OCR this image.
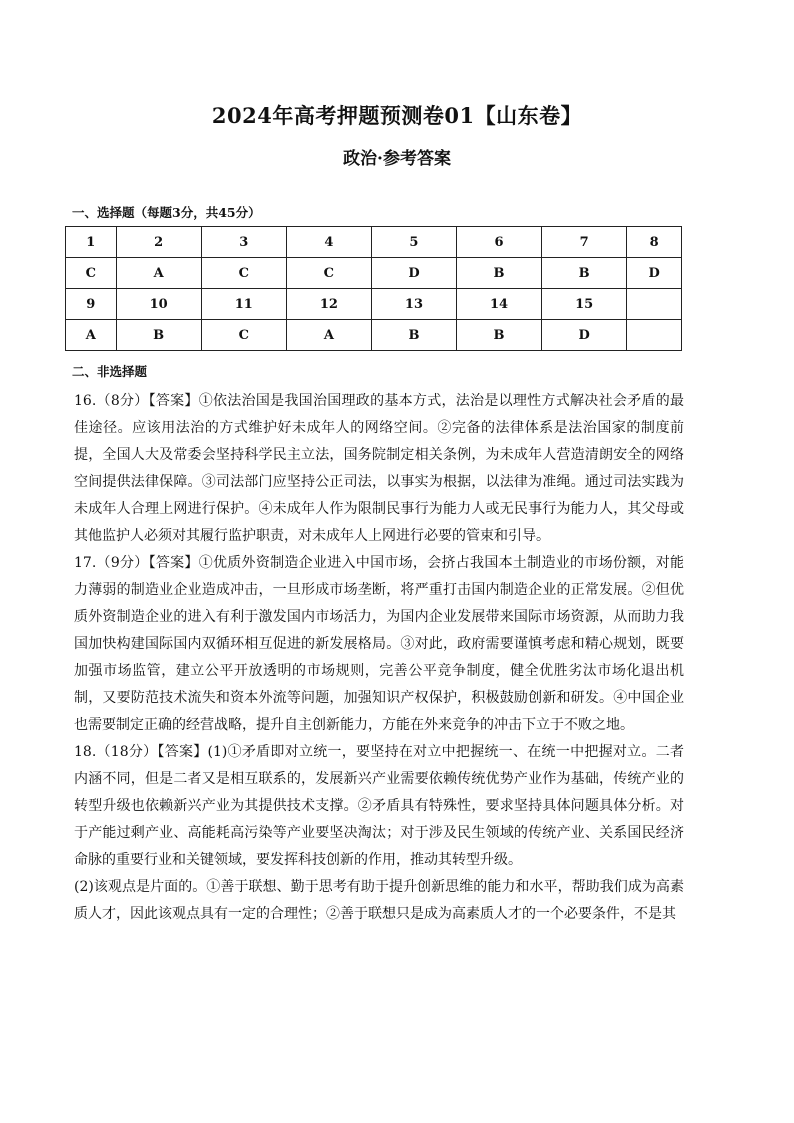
2024年高考押题预测卷01【山东卷】
政治·参考答案
一、选择题（每题3分，共45分）
1	2	3	4	5	6	7	8
C	A	C	C	D	B	B	D
9	10	11	12	13	14	15	
A	B	C	A	B	B	D	
二、非选择题

16.（8分）【答案】①依法治国是我国治国理政的基本方式，法治是以理性方式解决社会矛盾的最佳途径。应该用法治的方式维护好未成年人的网络空间。②完备的法律体系是法治国家的制度前提，全国人大及常委会坚持科学民主立法，国务院制定相关条例，为未成年人营造清朗安全的网络空间提供法律保障。③司法部门应坚持公正司法，以事实为根据，以法律为准绳。通过司法实践为未成年人合理上网进行保护。④未成年人作为限制民事行为能力人或无民事行为能力人，其父母或其他监护人必须对其履行监护职责，对未成年人上网进行必要的管束和引导。

17.（9分）【答案】①优质外资制造企业进入中国市场，会挤占我国本土制造业的市场份额，对能力薄弱的制造业企业造成冲击，一旦形成市场垄断，将严重打击国内制造企业的正常发展。②但优质外资制造企业的进入有利于激发国内市场活力，为国内企业发展带来国际市场资源，从而助力我国加快构建国际国内双循环相互促进的新发展格局。③对此，政府需要谨慎考虑和精心规划，既要加强市场监管，建立公平开放透明的市场规则，完善公平竞争制度，健全优胜劣汰市场化退出机制，又要防范技术流失和资本外流等问题，加强知识产权保护，积极鼓励创新和研发。④中国企业也需要制定正确的经营战略，提升自主创新能力，方能在外来竞争的冲击下立于不败之地。

18.（18分）【答案】(1)①矛盾即对立统一，要坚持在对立中把握统一、在统一中把握对立。二者内涵不同，但是二者又是相互联系的，发展新兴产业需要依赖传统优势产业作为基础，传统产业的转型升级也依赖新兴产业为其提供技术支撑。②矛盾具有特殊性，要求坚持具体问题具体分析。对于产能过剩产业、高能耗高污染等产业要坚决淘汰；对于涉及民生领域的传统产业、关系国民经济命脉的重要行业和关键领域，要发挥科技创新的作用，推动其转型升级。

(2)该观点是片面的。①善于联想、勤于思考有助于提升创新思维的能力和水平，帮助我们成为高素质人才，因此该观点具有一定的合理性；②善于联想只是成为高素质人才的一个必要条件，不是其
